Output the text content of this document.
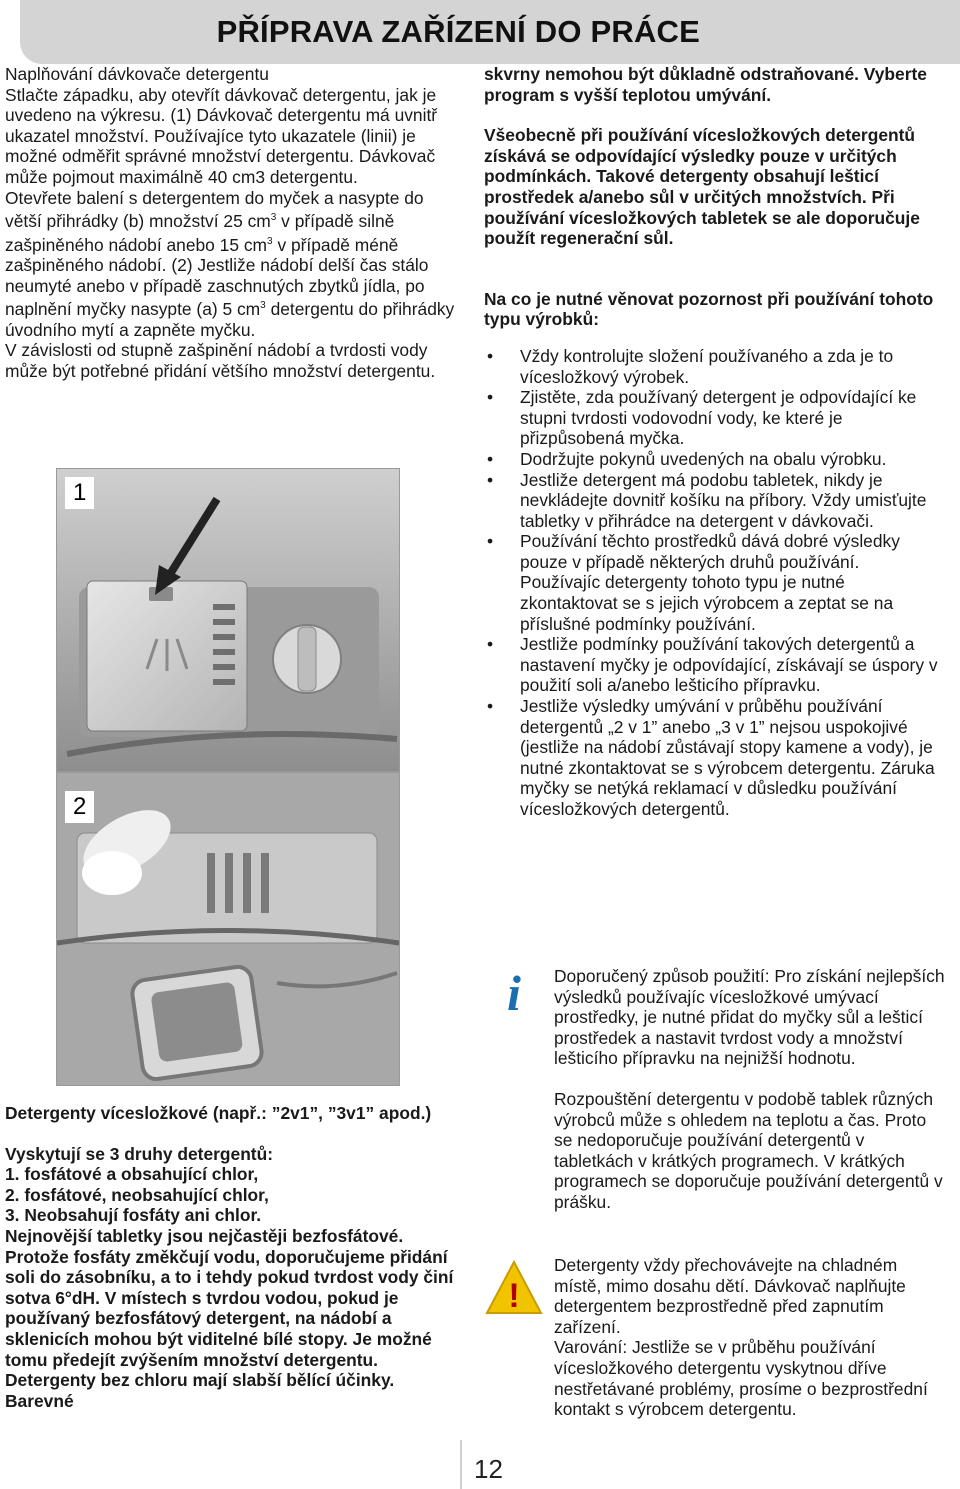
PŘÍPRAVA ZAŘÍZENÍ DO PRÁCE

Naplňování dávkovače detergentu

Stlačte západku, aby otevřít dávkovač detergentu, jak je uvedeno na výkresu. (1) Dávkovač detergentu má uvnitř ukazatel množství. Používajíce tyto ukazatele (linii) je možné odměřit správné množství detergentu. Dávkovač může pojmout maximálně 40 cm3 detergentu.

Otevřete balení s detergentem do myček a nasypte do větší přihrádky (b) množství 25 $cm^3$ v případě silně zašpiněného nádobí anebo 15 $cm^3$ v případě méně zašpiněného nádobí. (2) Jestliže nádobí delší čas stálo neumyté anebo v případě zaschnutých zbytků jídla, po naplnění myčky nasypte (a) 5 $cm^3$ detergentu do přihrádky úvodního mytí a zapněte myčku.

V závislosti od stupně zašpinění nádobí a tvrdosti vody může být potřebné přidání většího množství detergentu.

1
2

Detergenty vícesložkové (např.: ”2v1”, ”3v1” apod.)

Vyskytují se 3 druhy detergentů:

1. fosfátové a obsahující chlor,

2. fosfátové, neobsahující chlor,

3. Neobsahují fosfáty ani chlor.

Nejnovější tabletky jsou nejčastěji bezfosfátové. Protože fosfáty změkčují vodu, doporučujeme přidání soli do zásobníku, a to i tehdy pokud tvrdost vody činí sotva 6°dH. V místech s tvrdou vodou, pokud je používaný bezfosfátový detergent, na nádobí a sklenicích mohou být viditelné bílé stopy. Je možné tomu předejít zvýšením množství detergentu. Detergenty bez chloru mají slabší bělící účinky. Barevné

skvrny nemohou být důkladně odstraňované. Vyberte program s vyšší teplotou umývání.

Všeobecně při používání vícesložkových detergentů získává se odpovídající výsledky pouze v určitých podmínkách. Takové detergenty obsahují lešticí prostředek a/anebo sůl v určitých množstvích. Při používání vícesložkových tabletek se ale doporučuje použít regenerační sůl.

Na co je nutné věnovat pozornost při používání tohoto typu výrobků:

• Vždy kontrolujte složení používaného a zda je to vícesložkový výrobek.
• Zjistěte, zda používaný detergent je odpovídající ke stupni tvrdosti vodovodní vody, ke které je přizpůsobená myčka.
• Dodržujte pokynů uvedených na obalu výrobku.
• Jestliže detergent má podobu tabletek, nikdy je nevkládejte dovnitř košíku na příbory. Vždy umisťujte tabletky v přihrádce na detergent v dávkovači.
• Používání těchto prostředků dává dobré výsledky pouze v případě některých druhů používání. Používajíc detergenty tohoto typu je nutné zkontaktovat se s jejich výrobcem a zeptat se na příslušné podmínky používání.
• Jestliže podmínky používání takových detergentů a nastavení myčky je odpovídající, získávají se úspory v použití soli a/anebo lešticího přípravku.
• Jestliže výsledky umývání v průběhu používání detergentů „2 v 1” anebo „3 v 1” nejsou uspokojivé (jestliže na nádobí zůstávají stopy kamene a vody), je nutné zkontaktovat se s výrobcem detergentu. Záruka myčky se netýká reklamací v důsledku používání vícesložkových detergentů.
i Doporučený způsob použití: Pro získání nejlepších výsledků používajíc vícesložkové umývací prostředky, je nutné přidat do myčky sůl a lešticí prostředek a nastavit tvrdost vody a množství lešticího přípravku na nejnižší hodnotu.

Rozpouštění detergentu v podobě tablek různých výrobců může s ohledem na teplotu a čas. Proto se nedoporučuje používání detergentů v tabletkách v krátkých programech. V krátkých programech se doporučuje používání detergentů v prášku.

!

Detergenty vždy přechovávejte na chladném místě, mimo dosahu dětí. Dávkovač naplňujte detergentem bezprostředně před zapnutím zařízení.

Varování: Jestliže se v průběhu používání vícesložkového detergentu vyskytnou dříve nestřetávané problémy, prosíme o bezprostřední kontakt s výrobcem detergentu.

12
